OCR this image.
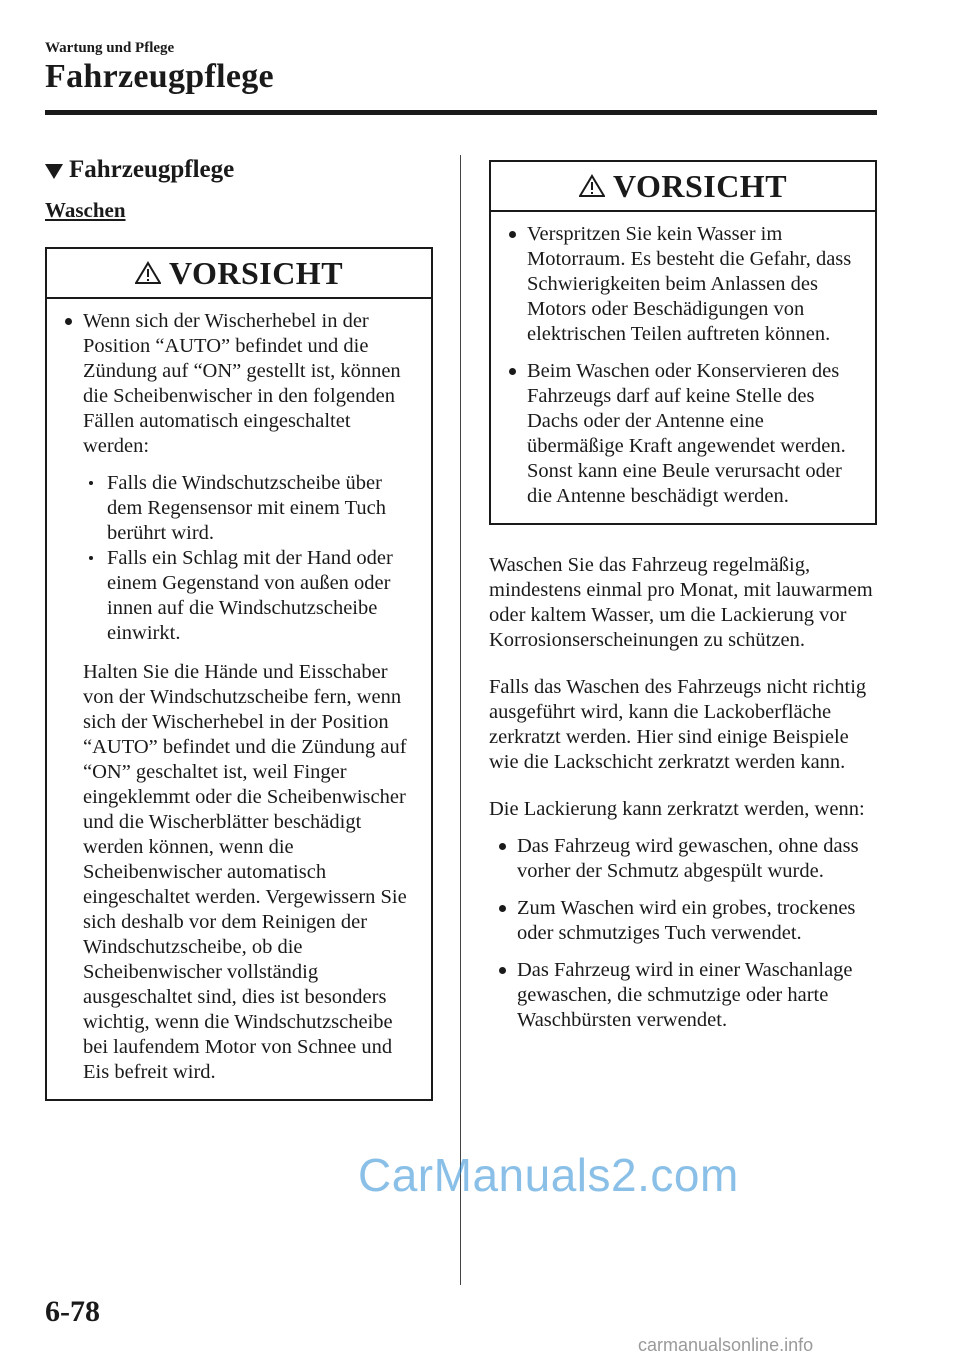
Wartung und Pflege
Fahrzeugpflege
Fahrzeugpflege
Waschen
VORSICHT
Wenn sich der Wischerhebel in der Position “AUTO” befindet und die Zündung auf “ON” gestellt ist, können die Scheibenwischer in den folgenden Fällen automatisch eingeschaltet werden:
Falls die Windschutzscheibe über dem Regensensor mit einem Tuch berührt wird.
Falls ein Schlag mit der Hand oder einem Gegenstand von außen oder innen auf die Windschutzscheibe einwirkt.
Halten Sie die Hände und Eisschaber von der Windschutzscheibe fern, wenn sich der Wischerhebel in der Position “AUTO” befindet und die Zündung auf “ON” geschaltet ist, weil Finger eingeklemmt oder die Scheibenwischer und die Wischerblätter beschädigt werden können, wenn die Scheibenwischer automatisch eingeschaltet werden. Vergewissern Sie sich deshalb vor dem Reinigen der Windschutzscheibe, ob die Scheibenwischer vollständig ausgeschaltet sind, dies ist besonders wichtig, wenn die Windschutzscheibe bei laufendem Motor von Schnee und Eis befreit wird.
VORSICHT
Verspritzen Sie kein Wasser im Motorraum. Es besteht die Gefahr, dass Schwierigkeiten beim Anlassen des Motors oder Beschädigungen von elektrischen Teilen auftreten können.
Beim Waschen oder Konservieren des Fahrzeugs darf auf keine Stelle des Dachs oder der Antenne eine übermäßige Kraft angewendet werden. Sonst kann eine Beule verursacht oder die Antenne beschädigt werden.
Waschen Sie das Fahrzeug regelmäßig, mindestens einmal pro Monat, mit lauwarmem oder kaltem Wasser, um die Lackierung vor Korrosionserscheinungen zu schützen.
Falls das Waschen des Fahrzeugs nicht richtig ausgeführt wird, kann die Lackoberfläche zerkratzt werden. Hier sind einige Beispiele wie die Lackschicht zerkratzt werden kann.
Die Lackierung kann zerkratzt werden, wenn:
Das Fahrzeug wird gewaschen, ohne dass vorher der Schmutz abgespült wurde.
Zum Waschen wird ein grobes, trockenes oder schmutziges Tuch verwendet.
Das Fahrzeug wird in einer Waschanlage gewaschen, die schmutzige oder harte Waschbürsten verwendet.
6-78
CarManuals2.com
carmanualsonline.info
